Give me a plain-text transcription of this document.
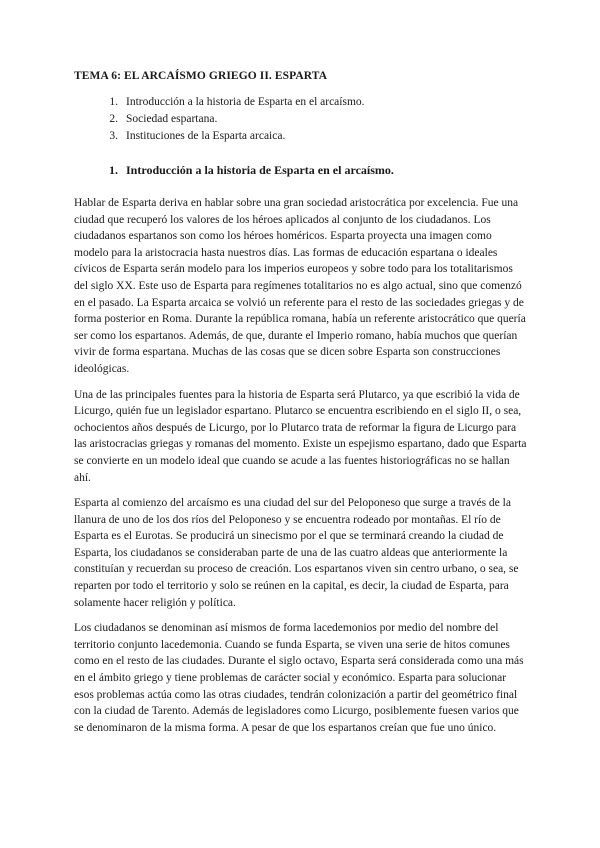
TEMA 6: EL ARCAÍSMO GRIEGO II. ESPARTA
1. Introducción a la historia de Esparta en el arcaísmo.
2. Sociedad espartana.
3. Instituciones de la Esparta arcaica.
1. Introducción a la historia de Esparta en el arcaísmo.

Hablar de Esparta deriva en hablar sobre una gran sociedad aristocrática por excelencia. Fue una ciudad que recuperó los valores de los héroes aplicados al conjunto de los ciudadanos. Los ciudadanos espartanos son como los héroes homéricos. Esparta proyecta una imagen como modelo para la aristocracia hasta nuestros días. Las formas de educación espartana o ideales cívicos de Esparta serán modelo para los imperios europeos y sobre todo para los totalitarismos del siglo XX. Este uso de Esparta para regímenes totalitarios no es algo actual, sino que comenzó en el pasado. La Esparta arcaica se volvió un referente para el resto de las sociedades griegas y de forma posterior en Roma. Durante la república romana, había un referente aristocrático que quería ser como los espartanos. Además, de que, durante el Imperio romano, había muchos que querían vivir de forma espartana. Muchas de las cosas que se dicen sobre Esparta son construcciones ideológicas.

Una de las principales fuentes para la historia de Esparta será Plutarco, ya que escribió la vida de Licurgo, quién fue un legislador espartano. Plutarco se encuentra escribiendo en el siglo II, o sea, ochocientos años después de Licurgo, por lo Plutarco trata de reformar la figura de Licurgo para las aristocracias griegas y romanas del momento. Existe un espejismo espartano, dado que Esparta se convierte en un modelo ideal que cuando se acude a las fuentes historiográficas no se hallan ahí.

Esparta al comienzo del arcaísmo es una ciudad del sur del Peloponeso que surge a través de la llanura de uno de los dos ríos del Peloponeso y se encuentra rodeado por montañas. El río de Esparta es el Eurotas. Se producirá un sinecismo por el que se terminará creando la ciudad de Esparta, los ciudadanos se consideraban parte de una de las cuatro aldeas que anteriormente la constituían y recuerdan su proceso de creación. Los espartanos viven sin centro urbano, o sea, se reparten por todo el territorio y solo se reúnen en la capital, es decir, la ciudad de Esparta, para solamente hacer religión y política.

Los ciudadanos se denominan así mismos de forma lacedemonios por medio del nombre del territorio conjunto lacedemonia. Cuando se funda Esparta, se viven una serie de hitos comunes como en el resto de las ciudades. Durante el siglo octavo, Esparta será considerada como una más en el ámbito griego y tiene problemas de carácter social y económico. Esparta para solucionar esos problemas actúa como las otras ciudades, tendrán colonización a partir del geométrico final con la ciudad de Tarento. Además de legisladores como Licurgo, posiblemente fuesen varios que se denominaron de la misma forma. A pesar de que los espartanos creían que fue uno único.
